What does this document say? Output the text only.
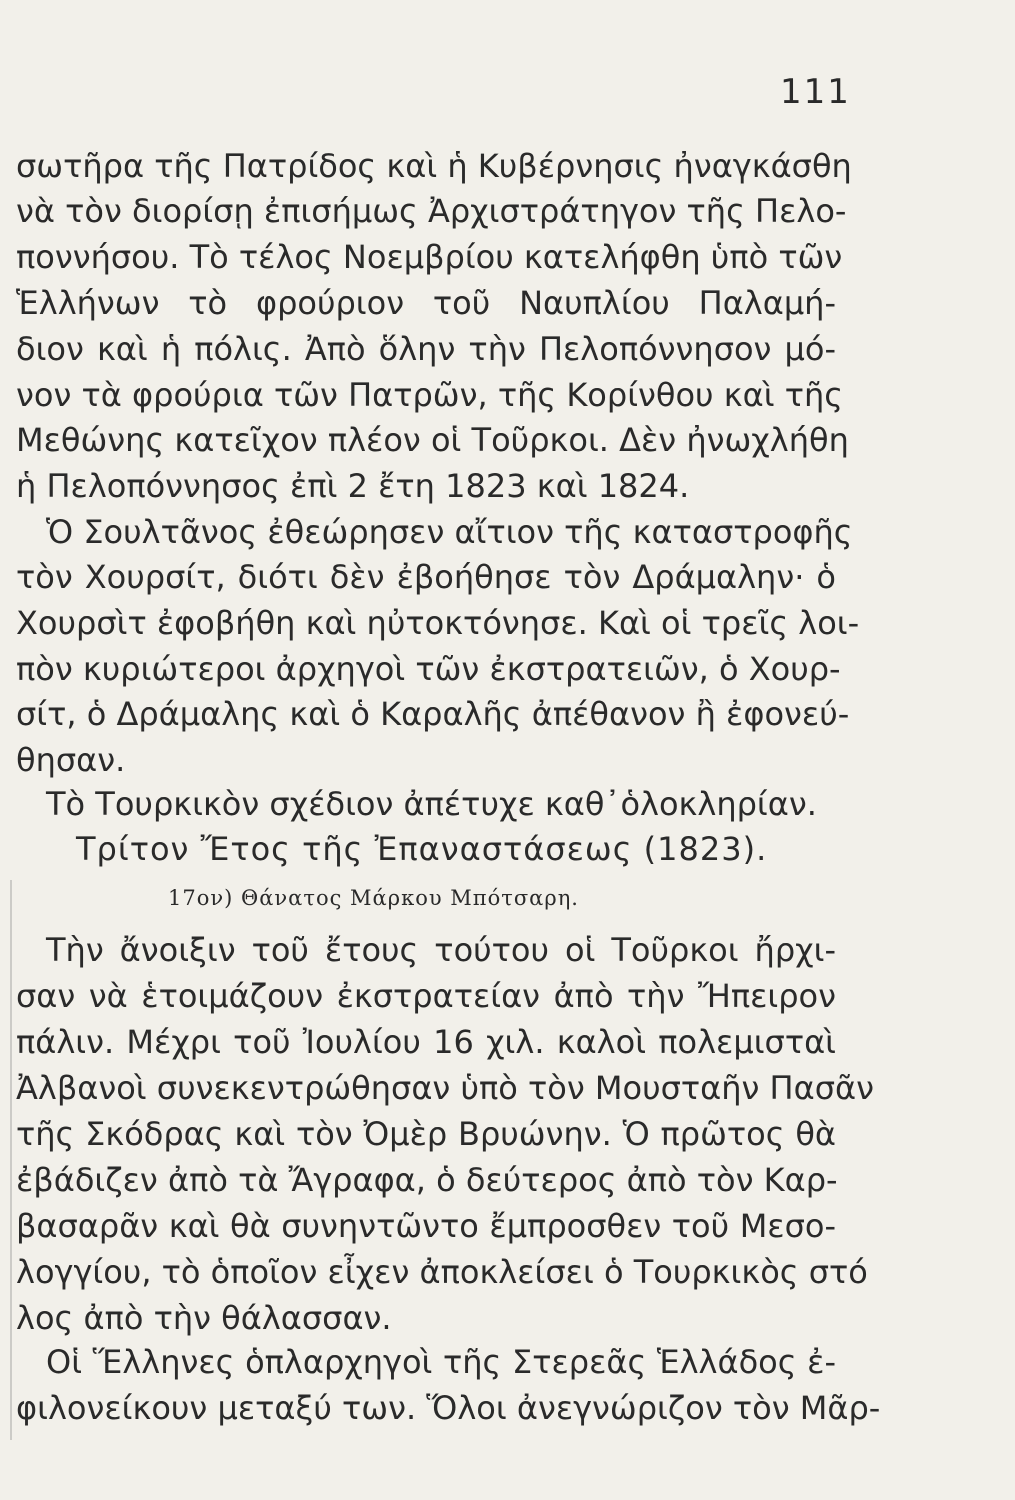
111
σωτῆρα τῆς Πατρίδος καὶ ἡ Κυβέρνησις ἠναγκάσθη
νὰ τὸν διορίσῃ ἐπισήμως Ἀρχιστράτηγον τῆς Πελο-
ποννήσου. Τὸ τέλος Νοεμβρίου κατελήφθη ὑπὸ τῶν
Ἑλλήνων τὸ φρούριον τοῦ Ναυπλίου Παλαμή-
διον καὶ ἡ πόλις. Ἀπὸ ὅλην τὴν Πελοπόννησον μό-
νον τὰ φρούρια τῶν Πατρῶν, τῆς Κορίνθου καὶ τῆς
Μεθώνης κατεῖχον πλέον οἱ Τοῦρκοι. Δὲν ἠνωχλήθη
ἡ Πελοπόννησος ἐπὶ 2 ἔτη 1823 καὶ 1824.
Ὁ Σουλτᾶνος ἐθεώρησεν αἴτιον τῆς καταστροφῆς
τὸν Χουρσίτ, διότι δὲν ἐβοήθησε τὸν Δράμαλην· ὁ
Χουρσὶτ ἐφοβήθη καὶ ηὐτοκτόνησε. Καὶ οἱ τρεῖς λοι-
πὸν κυριώτεροι ἀρχηγοὶ τῶν ἐκστρατειῶν, ὁ Χουρ-
σίτ, ὁ Δράμαλης καὶ ὁ Καραλῆς ἀπέθανον ἢ ἐφονεύ-
θησαν.
Τὸ Τουρκικὸν σχέδιον ἀπέτυχε καθ᾽ὁλοκληρίαν.
Τρίτον Ἔτος τῆς Ἐπαναστάσεως (1823).
17ον) Θάνατος Μάρκου Μπότσαρη.
Τὴν ἄνοιξιν τοῦ ἔτους τούτου οἱ Τοῦρκοι ἤρχι-
σαν νὰ ἑτοιμάζουν ἐκστρατείαν ἀπὸ τὴν Ἤπειρον
πάλιν. Μέχρι τοῦ Ἰουλίου 16 χιλ. καλοὶ πολεμισταὶ
Ἀλβανοὶ συνεκεντρώθησαν ὑπὸ τὸν Μουσταῆν Πασᾶν
τῆς Σκόδρας καὶ τὸν Ὀμὲρ Βρυώνην. Ὁ πρῶτος θὰ
ἐβάδιζεν ἀπὸ τὰ Ἄγραφα, ὁ δεύτερος ἀπὸ τὸν Καρ-
βασαρᾶν καὶ θὰ συνηντῶντο ἔμπροσθεν τοῦ Μεσο-
λογγίου, τὸ ὁποῖον εἶχεν ἀποκλείσει ὁ Τουρκικὸς στό
λος ἀπὸ τὴν θάλασσαν.
Οἱ Ἕλληνες ὁπλαρχηγοὶ τῆς Στερεᾶς Ἑλλάδος ἐ-
φιλονείκουν μεταξύ των. Ὅλοι ἀνεγνώριζον τὸν Μᾶρ-
